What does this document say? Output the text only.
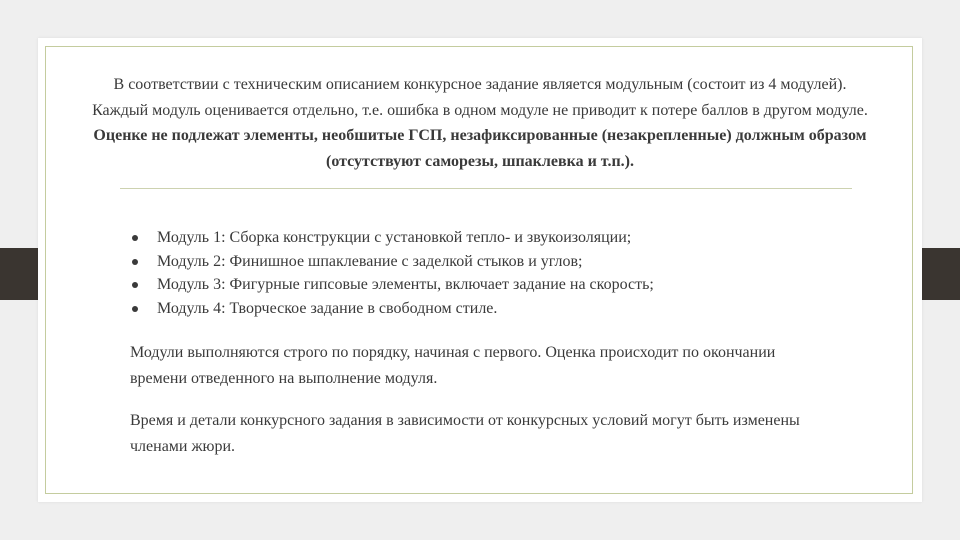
В соответствии с техническим описанием конкурсное задание является модульным (состоит из 4 модулей). Каждый модуль оценивается отдельно, т.е. ошибка в одном модуле не приводит к потере баллов в другом модуле. Оценке не подлежат элементы, необшитые ГСП, незафиксированные (незакрепленные) должным образом (отсутствуют саморезы, шпаклевка и т.п.).

Модуль 1: Сборка конструкции с установкой тепло- и звукоизоляции;
Модуль 2: Финишное шпаклевание с заделкой стыков и углов;
Модуль 3: Фигурные гипсовые элементы, включает задание на скорость;
Модуль 4: Творческое задание в свободном стиле.

Модули выполняются строго по порядку, начиная с первого. Оценка происходит по окончании времени отведенного на выполнение модуля.

Время и детали конкурсного задания в зависимости от конкурсных условий могут быть изменены членами жюри.
